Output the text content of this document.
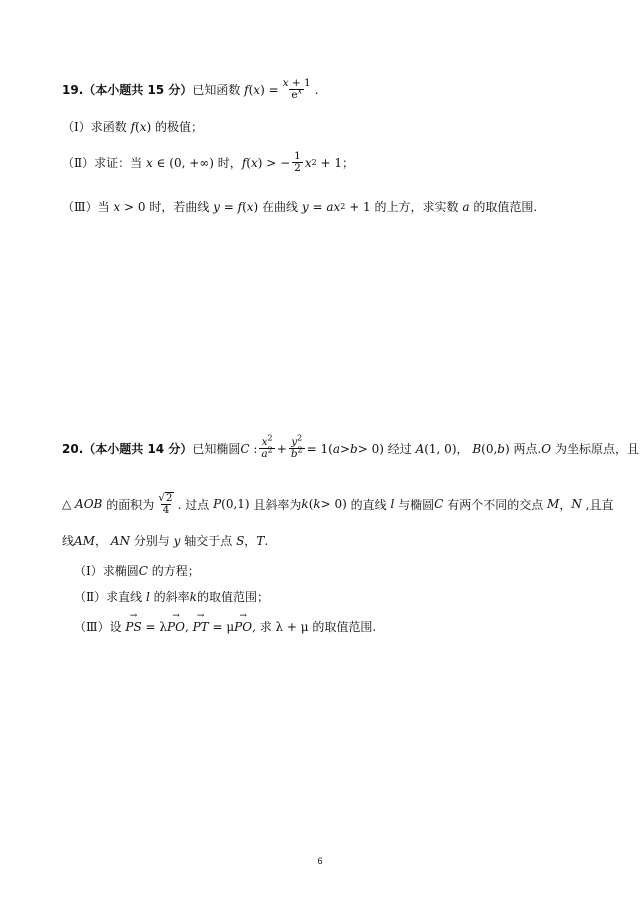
19. （本小题共 15 分） 已知函数 f ( x ) = $\frac{x + 1}{e^x}$ .
（Ⅰ） 求函数 f ( x ) 的极值；
（Ⅱ） 求证：当 x ∈ (0, +∞) 时， f ( x ) > − $\frac{1}{2}$ x 2 + 1；
（Ⅲ） 当 x > 0 时，若曲线 y = f ( x ) 在曲线 y = ax 2 + 1 的上方，求实数 a 的取值范围.
20. （本小题共 14 分） 已知椭圆 C : $\frac{x^2}{a^2} + \frac{y^2}{b^2} = 1$( a > b > 0) 经过 A (1, 0)， B (0, b ) 两点. O
为坐标原点，且
△ AOB
的面积为 $\frac{√2}{4}$ . 过点 P (0,1) 且斜率为 k ( k > 0) 的直线 l 与椭圆 C
有两个不同的交点 M ， N
,且直
线 AM ， AN
分别与 y 轴交于点 S ， T .
（Ⅰ） 求椭圆 C
的方程；
（Ⅱ） 求直线 l 的斜率 k 的取值范围；
（Ⅲ） 设
→ PS = λ → PO , → PT = μ → PO , 求 λ + μ 的取值范围.
6
